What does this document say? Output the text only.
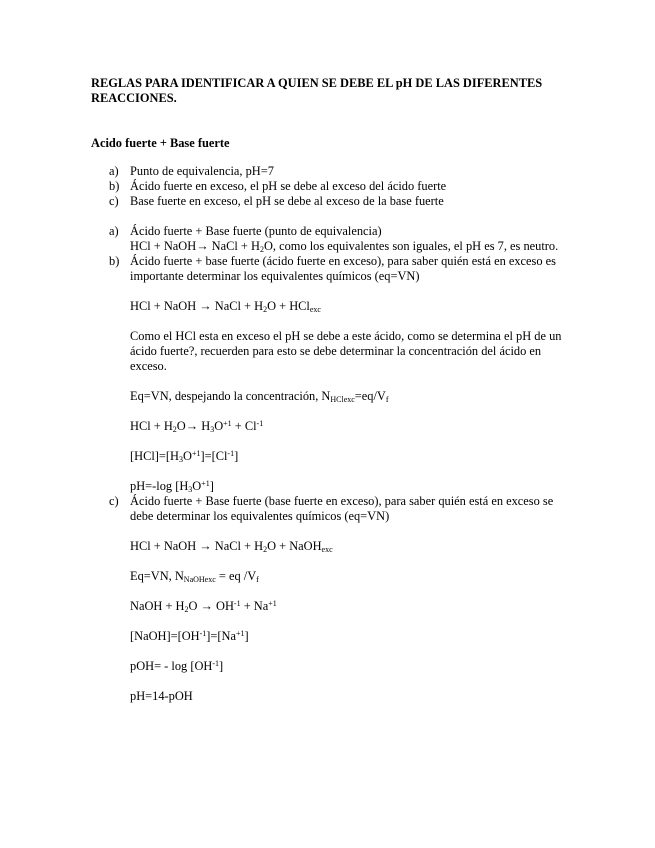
REGLAS PARA IDENTIFICAR A QUIEN SE DEBE EL pH DE LAS DIFERENTES REACCIONES.
Acido fuerte + Base fuerte
a) Punto de equivalencia, pH=7
b) Ácido fuerte en exceso, el pH se debe al exceso del ácido fuerte
c) Base fuerte en exceso, el pH se debe al exceso de la base fuerte
a) Ácido fuerte + Base fuerte (punto de equivalencia)
HCl + NaOH→ NaCl + $H_2O$, como los equivalentes son iguales, el pH es 7, es neutro.
b) Ácido fuerte + base fuerte (ácido fuerte en exceso), para saber quién está en exceso es importante determinar los equivalentes químicos (eq=VN)
HCl + NaOH → NaCl + $H_2O + HCl_{exc}$
Como el HCl esta en exceso el pH se debe a este ácido, como se determina el pH de un ácido fuerte?, recuerden para esto se debe determinar la concentración del ácido en exceso.
Eq=VN, despejando la concentración, $N_{HClexc}=eq/V_f$
HCl + $H_2O\to H_3O^{+1} + Cl^{-1}$
$[HCl]=[H_3O^{+1}]=[Cl^{-1}]$
pH=-log $[H_3O^{+1}]$
c) Ácido fuerte + Base fuerte (base fuerte en exceso), para saber quién está en exceso se debe determinar los equivalentes químicos (eq=VN)
HCl + NaOH → NaCl + $H_2O$ + NaOH$_{exc}$
Eq=VN, $N_{NaOHexc}$ = eq $/V_f$
NaOH + $H_2O \to OH^{-1} + Na^{+1}$
$[NaOH]=[OH^{-1}]=[Na^{+1}]$
$pOH= - \log [OH^{-1}]$
pH=14-pOH
